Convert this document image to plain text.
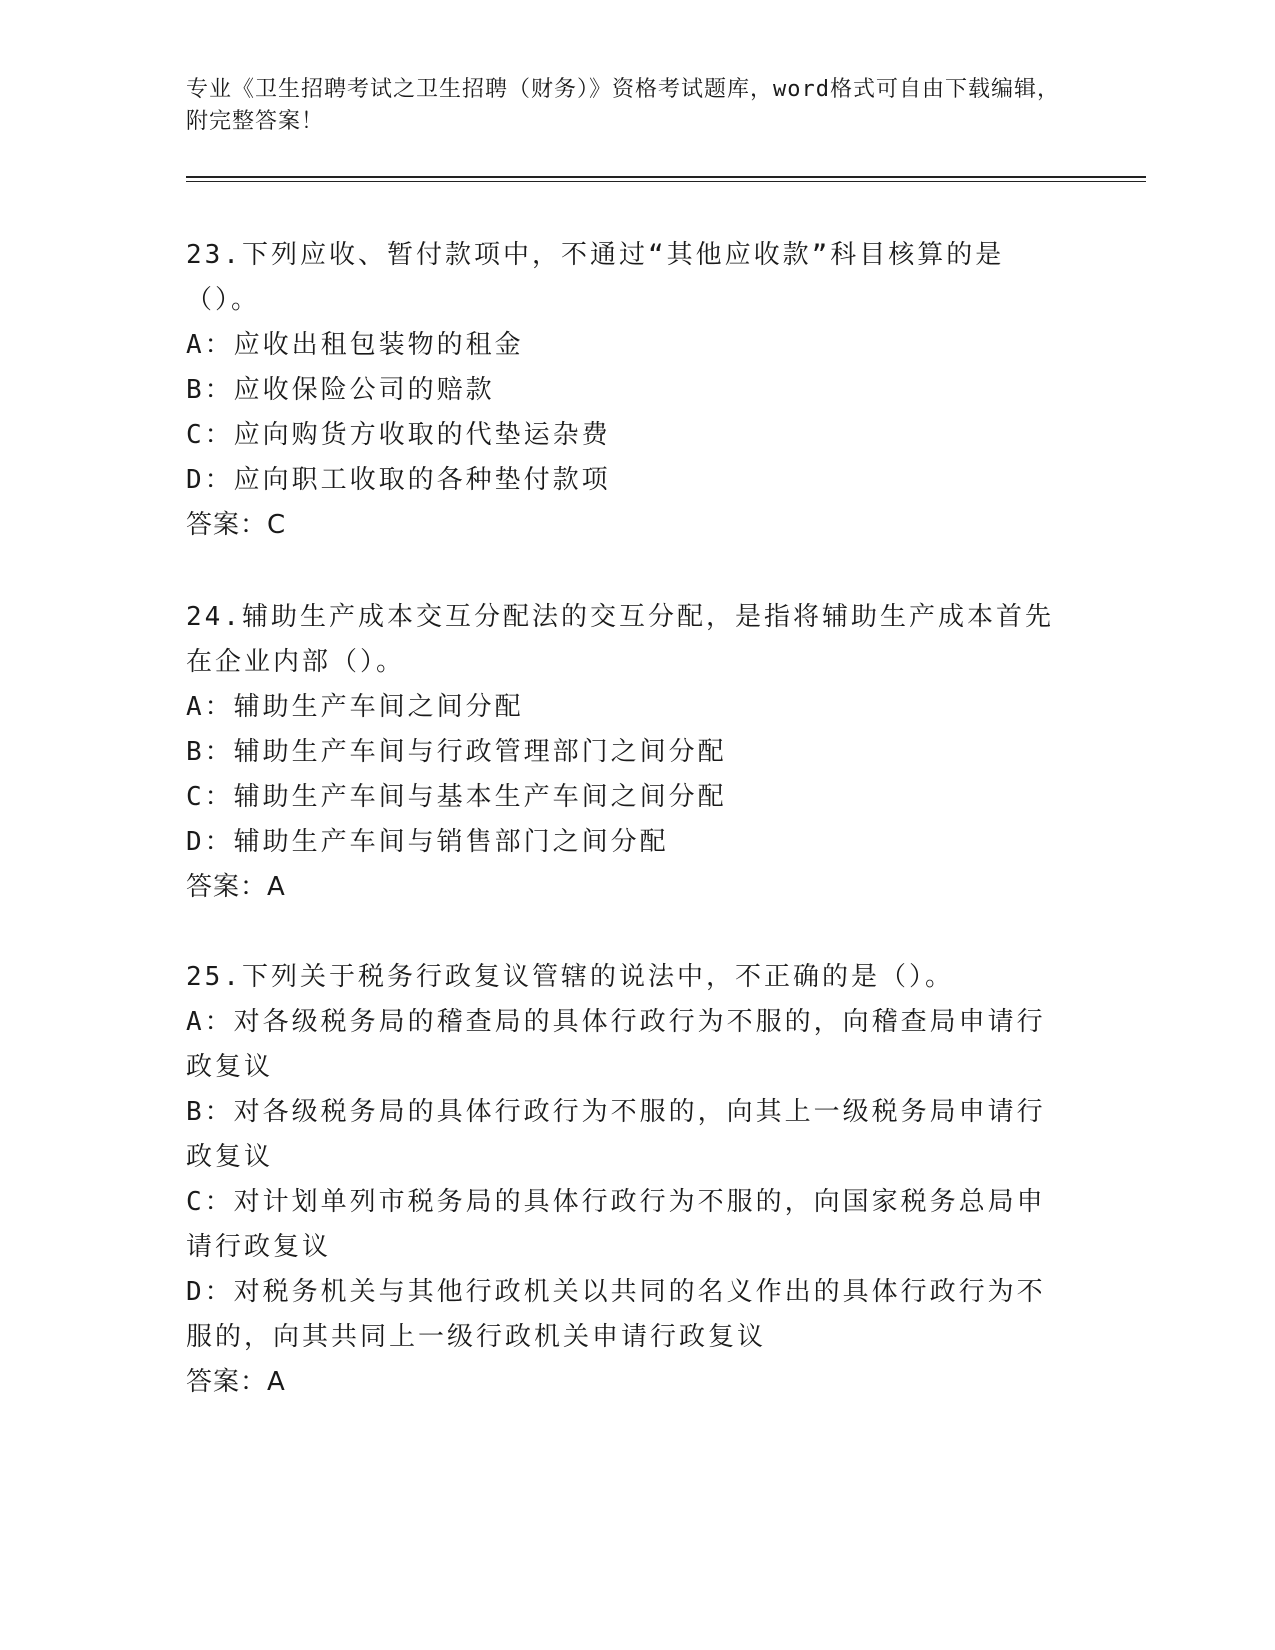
专业《卫生招聘考试之卫生招聘（财务）》资格考试题库，word格式可自由下载编辑，附完整答案！

23.下列应收、暂付款项中，不通过“其他应收款”科目核算的是（）。

A：应收出租包装物的租金

B：应收保险公司的赔款

C：应向购货方收取的代垫运杂费

D：应向职工收取的各种垫付款项

答案：C

24.辅助生产成本交互分配法的交互分配，是指将辅助生产成本首先在企业内部（）。

A：辅助生产车间之间分配

B：辅助生产车间与行政管理部门之间分配

C：辅助生产车间与基本生产车间之间分配

D：辅助生产车间与销售部门之间分配

答案：A

25.下列关于税务行政复议管辖的说法中，不正确的是（）。

A：对各级税务局的稽查局的具体行政行为不服的，向稽查局申请行政复议

B：对各级税务局的具体行政行为不服的，向其上一级税务局申请行政复议

C：对计划单列市税务局的具体行政行为不服的，向国家税务总局申请行政复议

D：对税务机关与其他行政机关以共同的名义作出的具体行政行为不服的，向其共同上一级行政机关申请行政复议

答案：A
